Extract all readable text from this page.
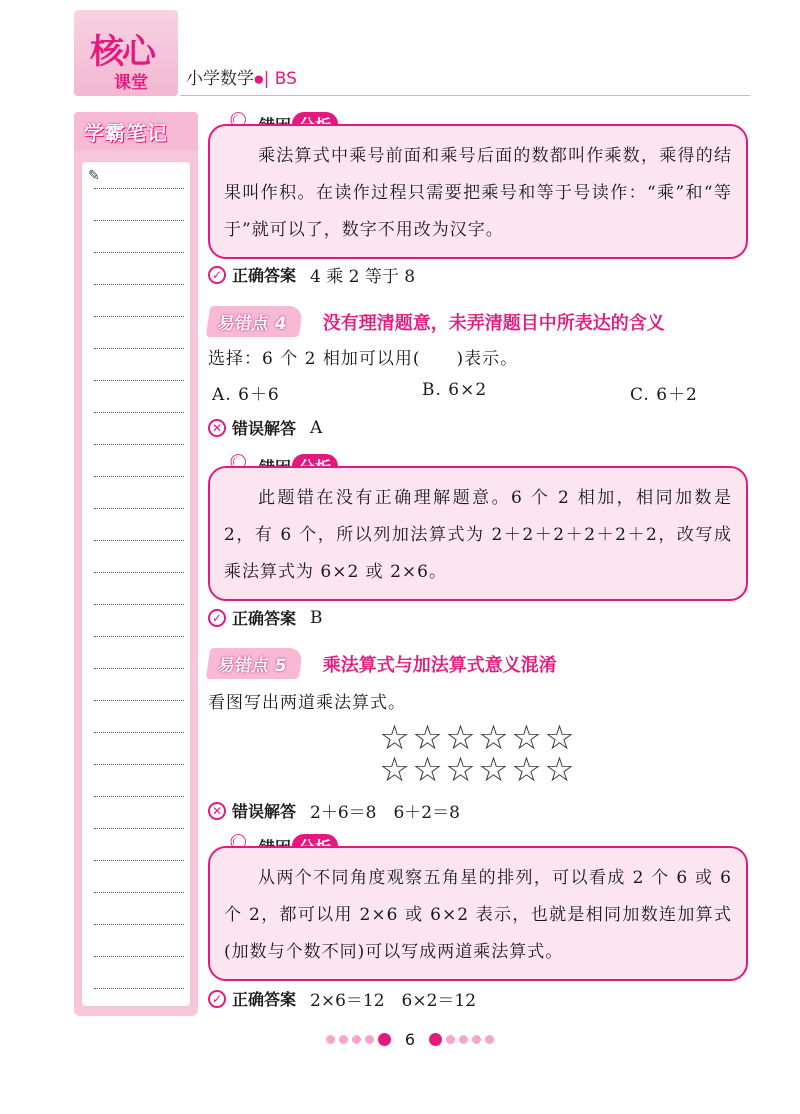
核心
课堂 小学数学●| BS
学霸笔记
✎

乘法算式中乘号前面和乘号后面的数都叫作乘数，乘得的结果叫作积。在读作过程只需要把乘号和等于号读作：“乘”和“等于”就可以了，数字不用改为汉字。

✓ 正确答案 4 乘 2 等于 8
易错点 4	没有理清题意，未弄清题目中所表达的含义
选择：6 个 2 相加可以用(　　)表示。
A. 6＋6	B. 6×2	C. 6＋2
✕ 错误解答 A

此题错在没有正确理解题意。6 个 2 相加，相同加数是 2，有 6 个，所以列加法算式为 2＋2＋2＋2＋2＋2，改写成乘法算式为 6×2 或 2×6。

✓ 正确答案 B
易错点 5	乘法算式与加法算式意义混淆
看图写出两道乘法算式。
☆ ☆ ☆ ☆ ☆ ☆
☆ ☆ ☆ ☆ ☆ ☆
✕ 错误解答 2＋6＝8　6＋2＝8

从两个不同角度观察五角星的排列，可以看成 2 个 6 或 6 个 2，都可以用 2×6 或 6×2 表示，也就是相同加数连加算式(加数与个数不同)可以写成两道乘法算式。

✓ 正确答案 2×6＝12　6×2＝12
6
